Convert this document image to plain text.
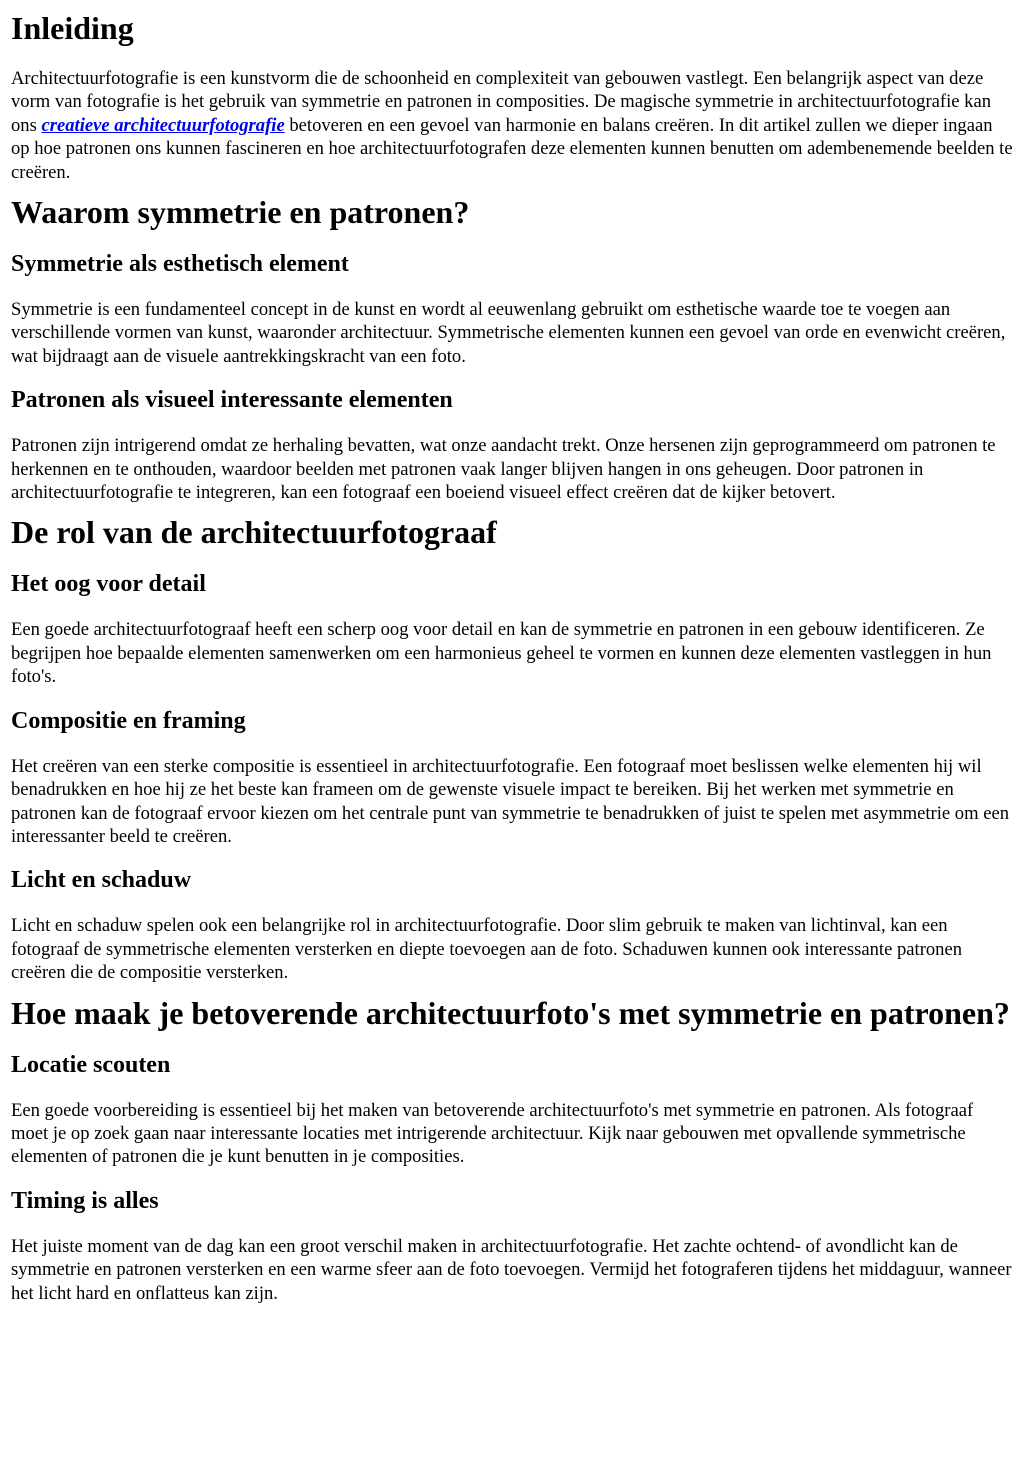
Inleiding

Architectuurfotografie is een kunstvorm die de schoonheid en complexiteit van gebouwen vastlegt. Een belangrijk aspect van deze vorm van fotografie is het gebruik van symmetrie en patronen in composities. De magische symmetrie in architectuurfotografie kan ons creatieve architectuurfotografie betoveren en een gevoel van harmonie en balans creëren. In dit artikel zullen we dieper ingaan op hoe patronen ons kunnen fascineren en hoe architectuurfotografen deze elementen kunnen benutten om adembenemende beelden te creëren.

Waarom symmetrie en patronen?
Symmetrie als esthetisch element

Symmetrie is een fundamenteel concept in de kunst en wordt al eeuwenlang gebruikt om esthetische waarde toe te voegen aan verschillende vormen van kunst, waaronder architectuur. Symmetrische elementen kunnen een gevoel van orde en evenwicht creëren, wat bijdraagt aan de visuele aantrekkingskracht van een foto.

Patronen als visueel interessante elementen

Patronen zijn intrigerend omdat ze herhaling bevatten, wat onze aandacht trekt. Onze hersenen zijn geprogrammeerd om patronen te herkennen en te onthouden, waardoor beelden met patronen vaak langer blijven hangen in ons geheugen. Door patronen in architectuurfotografie te integreren, kan een fotograaf een boeiend visueel effect creëren dat de kijker betovert.

De rol van de architectuurfotograaf
Het oog voor detail

Een goede architectuurfotograaf heeft een scherp oog voor detail en kan de symmetrie en patronen in een gebouw identificeren. Ze begrijpen hoe bepaalde elementen samenwerken om een harmonieus geheel te vormen en kunnen deze elementen vastleggen in hun foto's.

Compositie en framing

Het creëren van een sterke compositie is essentieel in architectuurfotografie. Een fotograaf moet beslissen welke elementen hij wil benadrukken en hoe hij ze het beste kan frameen om de gewenste visuele impact te bereiken. Bij het werken met symmetrie en patronen kan de fotograaf ervoor kiezen om het centrale punt van symmetrie te benadrukken of juist te spelen met asymmetrie om een interessanter beeld te creëren.

Licht en schaduw

Licht en schaduw spelen ook een belangrijke rol in architectuurfotografie. Door slim gebruik te maken van lichtinval, kan een fotograaf de symmetrische elementen versterken en diepte toevoegen aan de foto. Schaduwen kunnen ook interessante patronen creëren die de compositie versterken.

Hoe maak je betoverende architectuurfoto's met symmetrie en patronen?
Locatie scouten

Een goede voorbereiding is essentieel bij het maken van betoverende architectuurfoto's met symmetrie en patronen. Als fotograaf moet je op zoek gaan naar interessante locaties met intrigerende architectuur. Kijk naar gebouwen met opvallende symmetrische elementen of patronen die je kunt benutten in je composities.

Timing is alles

Het juiste moment van de dag kan een groot verschil maken in architectuurfotografie. Het zachte ochtend- of avondlicht kan de symmetrie en patronen versterken en een warme sfeer aan de foto toevoegen. Vermijd het fotograferen tijdens het middaguur, wanneer het licht hard en onflatteus kan zijn.
